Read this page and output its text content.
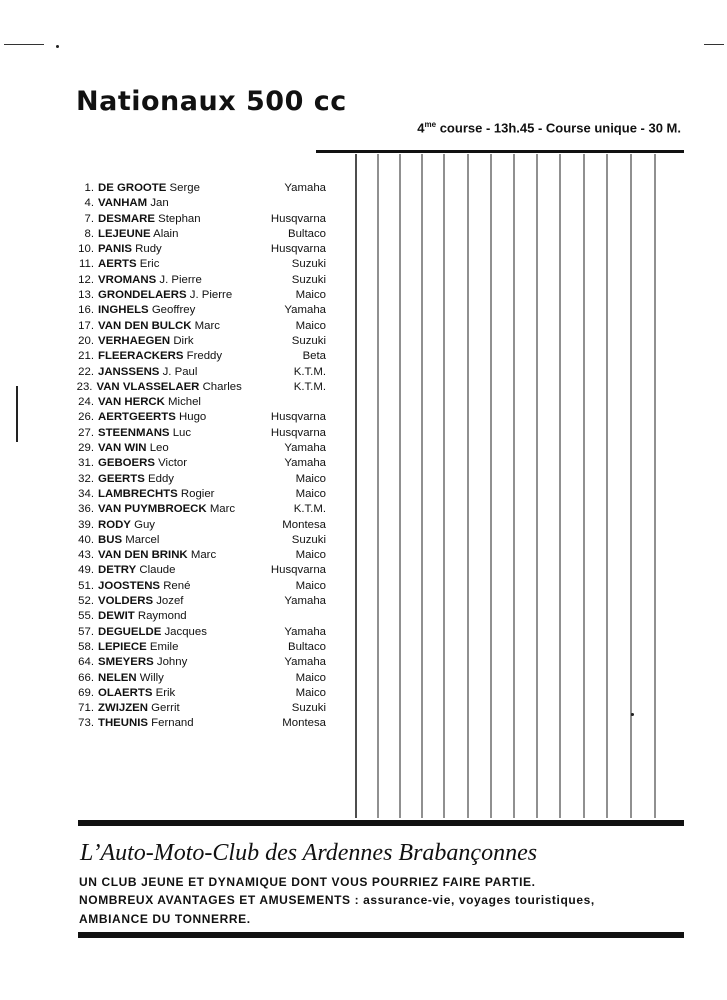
Nationaux 500 cc
$4^{me}$ course - 13h.45 - Course unique - 30 M.
1. DE GROOTE Serge	Yamaha
4. VANHAM Jan
7. DESMARE Stephan	Husqvarna
8. LEJEUNE Alain	Bultaco
10. PANIS Rudy	Husqvarna
11. AERTS Eric	Suzuki
12. VROMANS J. Pierre	Suzuki
13. GRONDELAERS J. Pierre	Maico
16. INGHELS Geoffrey	Yamaha
17. VAN DEN BULCK Marc	Maico
20. VERHAEGEN Dirk	Suzuki
21. FLEERACKERS Freddy	Beta
22. JANSSENS J. Paul	K.T.M.
23. VAN VLASSELAER Charles	K.T.M.
24. VAN HERCK Michel
26. AERTGEERTS Hugo	Husqvarna
27. STEENMANS Luc	Husqvarna
29. VAN WIN Leo	Yamaha
31. GEBOERS Victor	Yamaha
32. GEERTS Eddy	Maico
34. LAMBRECHTS Rogier	Maico
36. VAN PUYMBROECK Marc	K.T.M.
39. RODY Guy	Montesa
40. BUS Marcel	Suzuki
43. VAN DEN BRINK Marc	Maico
49. DETRY Claude	Husqvarna
51. JOOSTENS René	Maico
52. VOLDERS Jozef	Yamaha
55. DEWIT Raymond
57. DEGUELDE Jacques	Yamaha
58. LEPIECE Emile	Bultaco
64. SMEYERS Johny	Yamaha
66. NELEN Willy	Maico
69. OLAERTS Erik	Maico
71. ZWIJZEN Gerrit	Suzuki
73. THEUNIS Fernand	Montesa
L’Auto-Moto-Club des Ardennes Brabançonnes
UN CLUB JEUNE ET DYNAMIQUE DONT VOUS POURRIEZ FAIRE PARTIE.
NOMBREUX AVANTAGES ET AMUSEMENTS : assurance-vie, voyages touristiques,
AMBIANCE DU TONNERRE.
